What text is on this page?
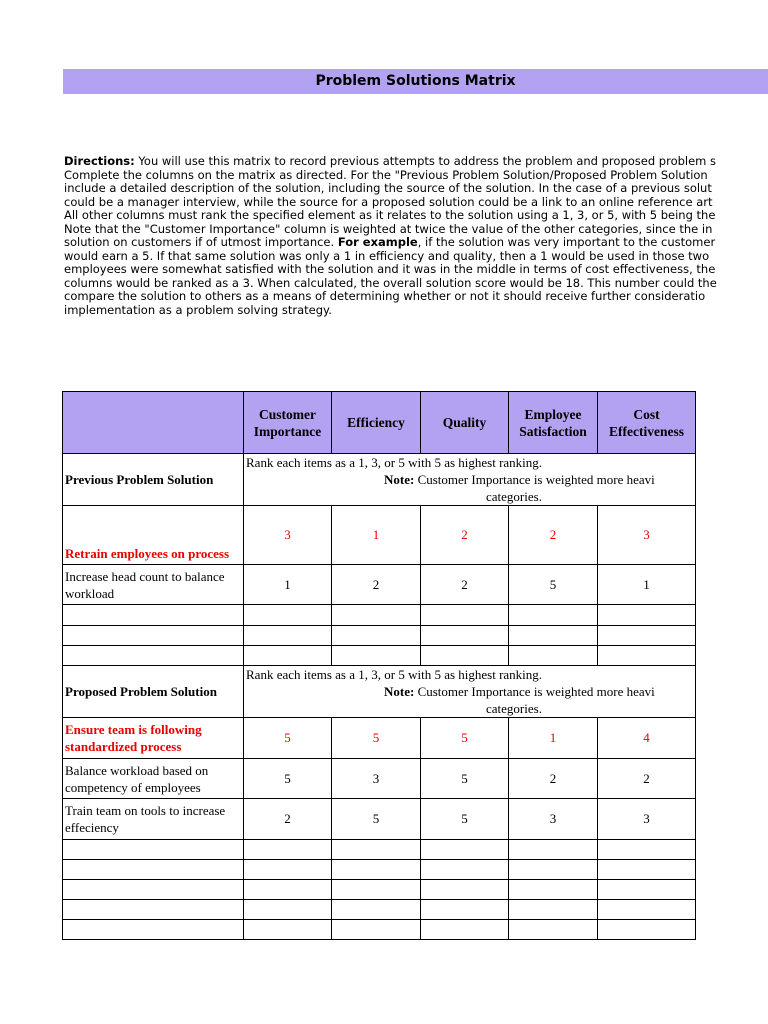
Problem Solutions Matrix
Directions: You will use this matrix to record previous attempts to address the problem and proposed problem s
Complete the columns on the matrix as directed. For the "Previous Problem Solution/Proposed Problem Solution
include a detailed description of the solution, including the source of the solution. In the case of a previous solut
could be a manager interview, while the source for a proposed solution could be a link to an online reference art
All other columns must rank the specified element as it relates to the solution using a 1, 3, or 5, with 5 being the
Note that the "Customer Importance" column is weighted at twice the value of the other categories, since the in
solution on customers if of utmost importance. For example, if the solution was very important to the customer
would earn a 5. If that same solution was only a 1 in efficiency and quality, then a 1 would be used in those two
employees were somewhat satisfied with the solution and it was in the middle in terms of cost effectiveness, the
columns would be ranked as a 3. When calculated, the overall solution score would be 18. This number could the
compare the solution to others as a means of determining whether or not it should receive further consideratio
implementation as a problem solving strategy.
	Customer Importance	Efficiency	Quality	Employee Satisfaction	Cost Effectiveness
Previous Problem Solution	Rank each items as a 1, 3, or 5 with 5 as highest ranking.
Note: Customer Importance is weighted more heavi
categories.				

Retrain employees on process	3	1	2	2	3
Increase head count to balance workload	1	2	2	5	1

Proposed Problem Solution	Rank each items as a 1, 3, or 5 with 5 as highest ranking.
Note: Customer Importance is weighted more heavi
categories.				

Ensure team is following standardized process	5	5	5	1	4
Balance workload based on competency of employees	5	3	5	2	2
Train team on tools to increase effeciency	2	5	5	3	3
